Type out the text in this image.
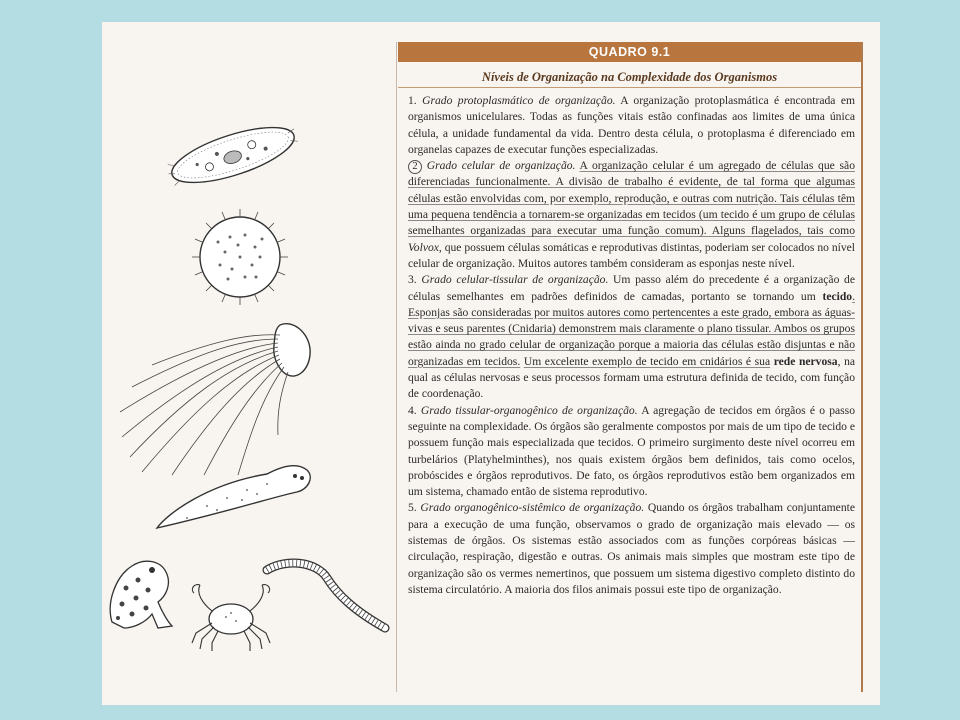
QUADRO 9.1
Níveis de Organização na Complexidade dos Organismos
1. Grado protoplasmático de organização. A organização protoplasmática é encontrada em organismos unicelulares. Todas as funções vitais estão confinadas aos limites de uma única célula, a unidade fundamental da vida. Dentro desta célula, o protoplasma é diferenciado em organelas capazes de executar funções especializadas.
2 Grado celular de organização. A organização celular é um agregado de células que são diferenciadas funcionalmente. A divisão de trabalho é evidente, de tal forma que algumas células estão envolvidas com, por exemplo, reprodução, e outras com nutrição. Tais células têm uma pequena tendência a tornarem-se organizadas em tecidos (um tecido é um grupo de células semelhantes organizadas para executar uma função comum). Alguns flagelados, tais como Volvox, que possuem células somáticas e reprodutivas distintas, poderiam ser colocados no nível celular de organização. Muitos autores também consideram as esponjas neste nível.
3. Grado celular-tissular de organização. Um passo além do precedente é a organização de células semelhantes em padrões definidos de camadas, portanto se tornando um tecido. Esponjas são consideradas por muitos autores como pertencentes a este grado, embora as águas-vivas e seus parentes (Cnidaria) demonstrem mais claramente o plano tissular. Ambos os grupos estão ainda no grado celular de organização porque a maioria das células estão disjuntas e não organizadas em tecidos. Um excelente exemplo de tecido em cnidários é sua rede nervosa, na qual as células nervosas e seus processos formam uma estrutura definida de tecido, com função de coordenação.
4. Grado tissular-organogênico de organização. A agregação de tecidos em órgãos é o passo seguinte na complexidade. Os órgãos são geralmente compostos por mais de um tipo de tecido e possuem função mais especializada que tecidos. O primeiro surgimento deste nível ocorreu em turbelários (Platyhelminthes), nos quais existem órgãos bem definidos, tais como ocelos, probóscides e órgãos reprodutivos. De fato, os órgãos reprodutivos estão bem organizados em um sistema, chamado então de sistema reprodutivo.
5. Grado organogênico-sistêmico de organização. Quando os órgãos trabalham conjuntamente para a execução de uma função, observamos o grado de organização mais elevado — os sistemas de órgãos. Os sistemas estão associados com as funções corpóreas básicas — circulação, respiração, digestão e outras. Os animais mais simples que mostram este tipo de organização são os vermes nemertinos, que possuem um sistema digestivo completo distinto do sistema circulatório. A maioria dos filos animais possui este tipo de organização.
